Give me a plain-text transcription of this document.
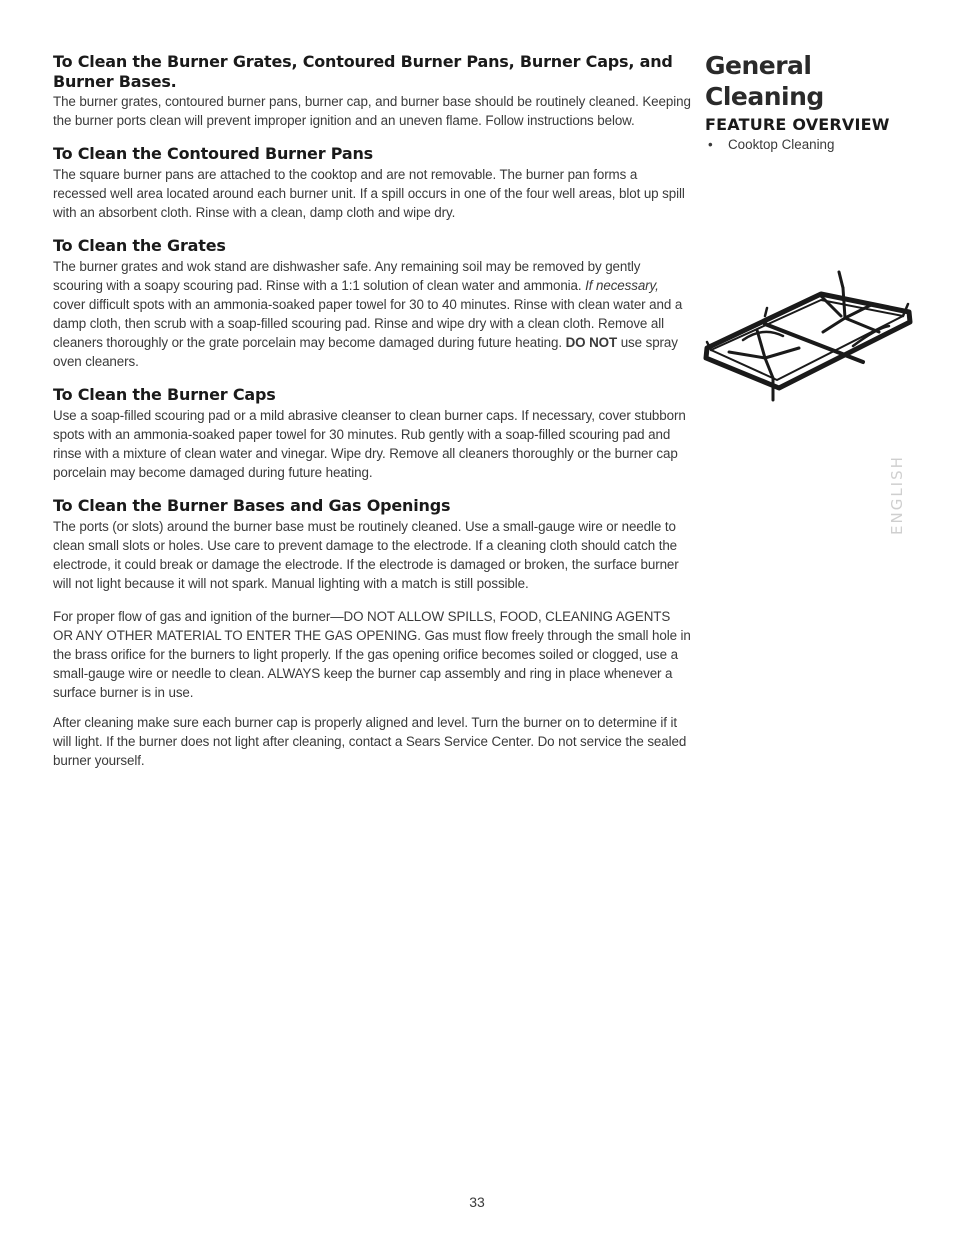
To Clean the Burner Grates, Contoured Burner Pans, Burner Caps, and Burner Bases.

The burner grates, contoured burner pans, burner cap, and burner base should be routinely cleaned. Keeping the burner ports clean will prevent improper ignition and an uneven flame. Follow instructions below.

To Clean the Contoured Burner Pans

The square burner pans are attached to the cooktop and are not removable. The burner pan forms a recessed well area located around each burner unit. If a spill occurs in one of the four well areas, blot up spill with an absorbent cloth. Rinse with a clean, damp cloth and wipe dry.

To Clean the Grates

The burner grates and wok stand are dishwasher safe. Any remaining soil may be removed by gently scouring with a soapy scouring pad. Rinse with a 1:1 solution of clean water and ammonia. If necessary, cover difficult spots with an ammonia-soaked paper towel for 30 to 40 minutes. Rinse with clean water and a damp cloth, then scrub with a soap-filled scouring pad. Rinse and wipe dry with a clean cloth. Remove all cleaners thoroughly or the grate porcelain may become damaged during future heating. DO NOT use spray oven cleaners.

To Clean the Burner Caps

Use a soap-filled scouring pad or a mild abrasive cleanser to clean burner caps. If necessary, cover stubborn spots with an ammonia-soaked paper towel for 30 minutes. Rub gently with a soap-filled scouring pad and rinse with a mixture of clean water and vinegar. Wipe dry. Remove all cleaners thoroughly or the burner cap porcelain may become damaged during future heating.

To Clean the Burner Bases and Gas Openings

The ports (or slots) around the burner base must be routinely cleaned. Use a small-gauge wire or needle to clean small slots or holes. Use care to prevent damage to the electrode. If a cleaning cloth should catch the electrode, it could break or damage the electrode. If the electrode is damaged or broken, the surface burner will not light because it will not spark. Manual lighting with a match is still possible.

For proper flow of gas and ignition of the burner—DO NOT ALLOW SPILLS, FOOD, CLEANING AGENTS OR ANY OTHER MATERIAL TO ENTER THE GAS OPENING. Gas must flow freely through the small hole in the brass orifice for the burners to light properly. If the gas opening orifice becomes soiled or clogged, use a small-gauge wire or needle to clean. ALWAYS keep the burner cap assembly and ring in place whenever a surface burner is in use.

After cleaning make sure each burner cap is properly aligned and level. Turn the burner on to determine if it will light. If the burner does not light after cleaning, contact a Sears Service Center. Do not service the sealed burner yourself.

General
Cleaning
FEATURE OVERVIEW
• Cooktop Cleaning
ENGLISH
33
